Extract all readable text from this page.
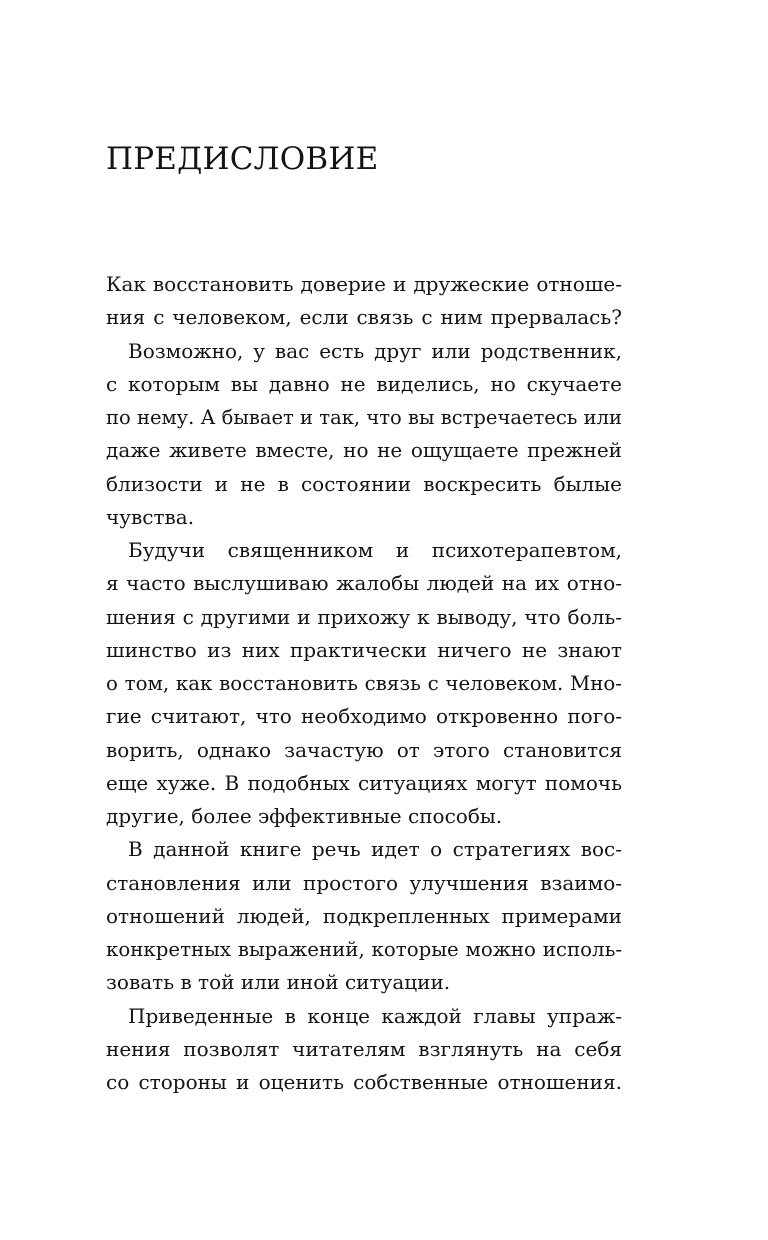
ПРЕДИСЛОВИЕ
Как восстановить доверие и дружеские отноше-
ния с человеком, если связь с ним прервалась?
Возможно, у вас есть друг или родственник,
с которым вы давно не виделись, но скучаете
по нему. А бывает и так, что вы встречаетесь или
даже живете вместе, но не ощущаете прежней
близости и не в состоянии воскресить былые
чувства.
Будучи священником и психотерапевтом,
я часто выслушиваю жалобы людей на их отно-
шения с другими и прихожу к выводу, что боль-
шинство из них практически ничего не знают
о том, как восстановить связь с человеком. Мно-
гие считают, что необходимо откровенно пого-
ворить, однако зачастую от этого становится
еще хуже. В подобных ситуациях могут помочь
другие, более эффективные способы.
В данной книге речь идет о стратегиях вос-
становления или простого улучшения взаимо-
отношений людей, подкрепленных примерами
конкретных выражений, которые можно исполь-
зовать в той или иной ситуации.
Приведенные в конце каждой главы упраж-
нения позволят читателям взглянуть на себя
со стороны и оценить собственные отношения.
